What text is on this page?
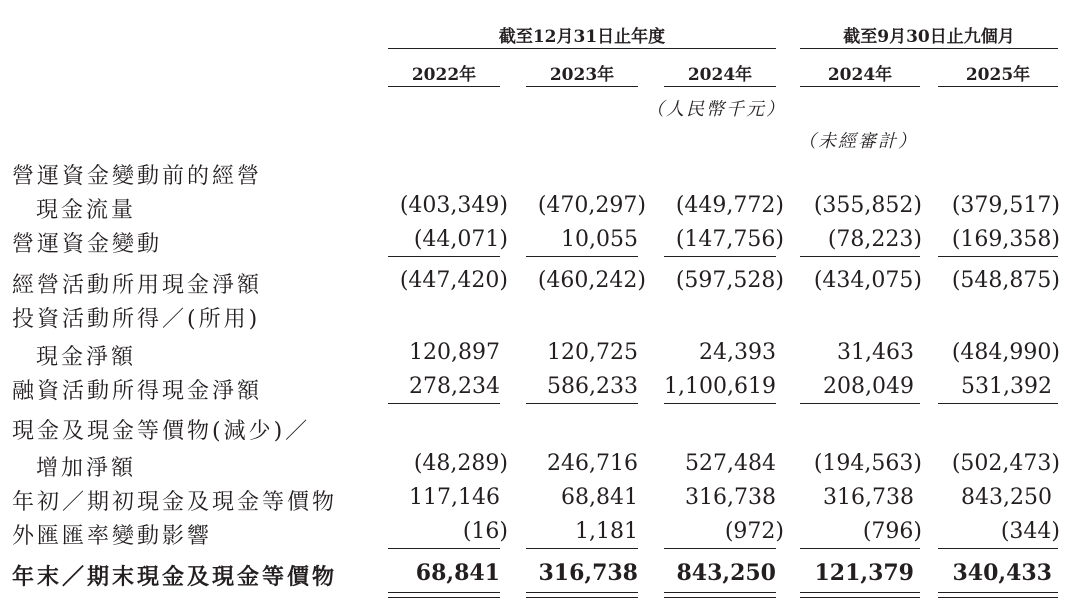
截至12月31日止年度	截至9月30日止九個月
2022年	2023年	2024年	2024年	2025年
（人民幣千元）
（未經審計）
營運資金變動前的經營
現金流量	(403,349) (470,297) (449,772) (355,852) (379,517)
營運資金變動	(44,071) 10,055 (147,756) (78,223) (169,358)
經營活動所用現金淨額	(447,420) (460,242) (597,528) (434,075) (548,875)
投資活動所得／(所用)
現金淨額	120,897 120,725	24,393	31,463 (484,990)
融資活動所得現金淨額	278,234 586,233 1,100,619 208,049 531,392
現金及現金等價物(減少)／
增加淨額	(48,289) 246,716 527,484 (194,563) (502,473)
年初／期初現金及現金等價物	117,146	68,841 316,738 316,738 843,250
外匯匯率變動影響	(16)	1,181	(972)	(796)	(344)
年末／期末現金及現金等價物	68,841 316,738 843,250 121,379 340,433
